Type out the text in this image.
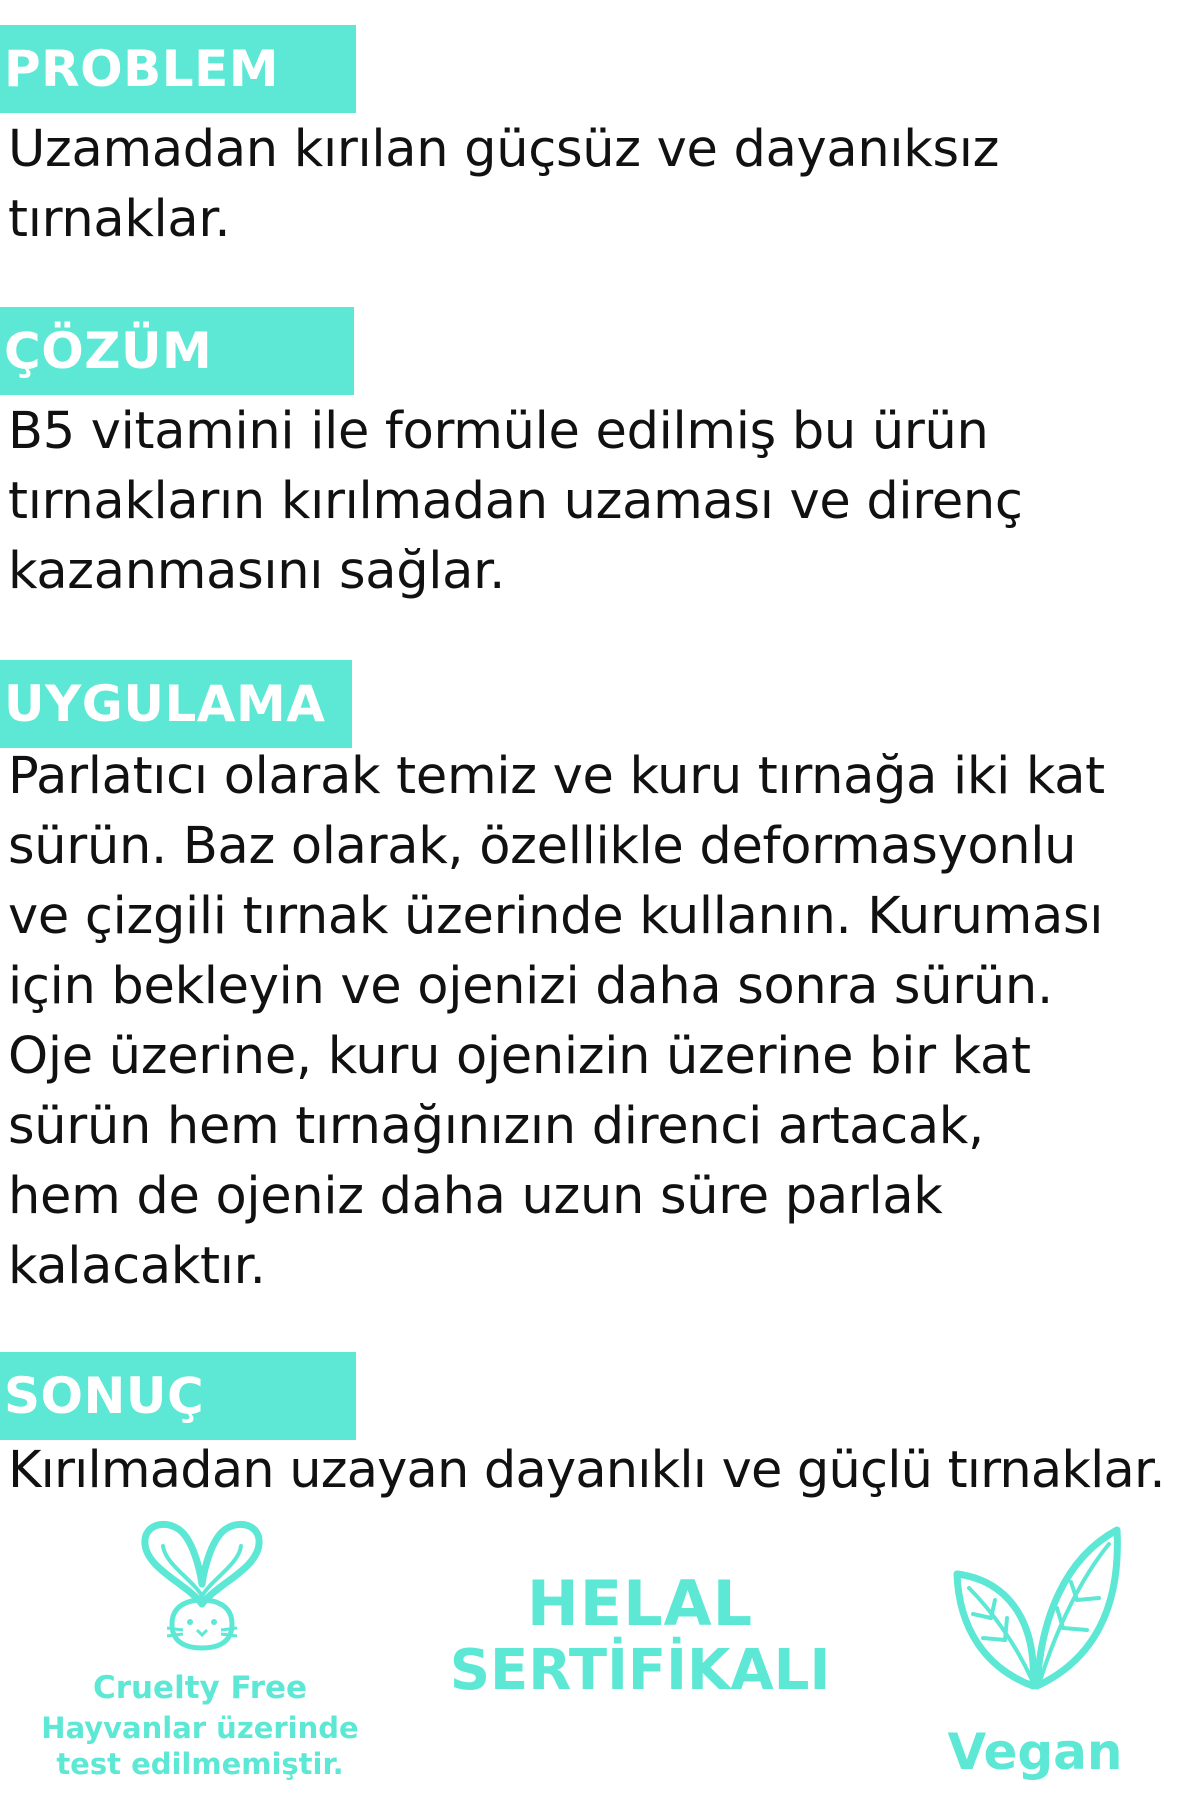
PROBLEM

Uzamadan kırılan güçsüz ve dayanıksız
tırnaklar.

ÇÖZÜM

B5 vitamini ile formüle edilmiş bu ürün
tırnakların kırılmadan uzaması ve direnç
kazanmasını sağlar.

UYGULAMA

Parlatıcı olarak temiz ve kuru tırnağa iki kat
sürün. Baz olarak, özellikle deformasyonlu
ve çizgili tırnak üzerinde kullanın. Kuruması
için bekleyin ve ojenizi daha sonra sürün.
Oje üzerine, kuru ojenizin üzerine bir kat
sürün hem tırnağınızın direnci artacak,
hem de ojeniz daha uzun süre parlak
kalacaktır.

SONUÇ

Kırılmadan uzayan dayanıklı ve güçlü tırnaklar.

Cruelty Free
Hayvanlar üzerinde
test edilmemiştir.
HELAL
SERTİFİKALI
Vegan
